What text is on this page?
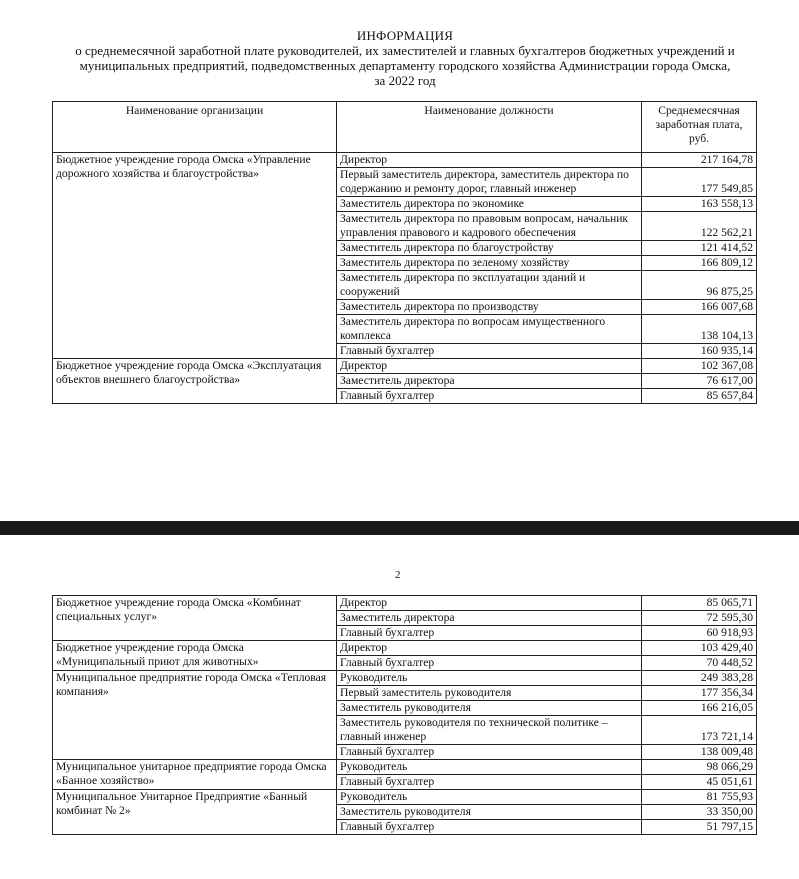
ИНФОРМАЦИЯ
о среднемесячной заработной плате руководителей, их заместителей и главных бухгалтеров бюджетных учреждений и
муниципальных предприятий, подведомственных департаменту городского хозяйства Администрации города Омска,
за 2022 год
Наименование организации	Наименование должности	Среднемесячная заработная плата, руб.
Бюджетное учреждение города Омска «Управление дорожного хозяйства и благоустройства»	Директор	217 164,78
	Первый заместитель директора, заместитель директора по содержанию и ремонту дорог, главный инженер	177 549,85
	Заместитель директора по экономике	163 558,13
	Заместитель директора по правовым вопросам, начальник управления правового и кадрового обеспечения	122 562,21
	Заместитель директора по благоустройству	121 414,52
	Заместитель директора по зеленому хозяйству	166 809,12
	Заместитель директора по эксплуатации зданий и сооружений	96 875,25
	Заместитель директора по производству	166 007,68
	Заместитель директора по вопросам имущественного комплекса	138 104,13
	Главный бухгалтер	160 935,14
Бюджетное учреждение города Омска «Эксплуатация объектов внешнего благоустройства»	Директор	102 367,08
	Заместитель директора	76 617,00
	Главный бухгалтер	85 657,84
2
Бюджетное учреждение города Омска «Комбинат специальных услуг»	Директор	85 065,71
	Заместитель директора	72 595,30
	Главный бухгалтер	60 918,93
Бюджетное учреждение города Омска «Муниципальный приют для животных»	Директор	103 429,40
	Главный бухгалтер	70 448,52
Муниципальное предприятие города Омска «Тепловая компания»	Руководитель	249 383,28
	Первый заместитель руководителя	177 356,34
	Заместитель руководителя	166 216,05
	Заместитель руководителя по технической политике – главный инженер	173 721,14
	Главный бухгалтер	138 009,48
Муниципальное унитарное предприятие города Омска «Банное хозяйство»	Руководитель	98 066,29
	Главный бухгалтер	45 051,61
Муниципальное Унитарное Предприятие «Банный комбинат № 2»	Руководитель	81 755,93
	Заместитель руководителя	33 350,00
	Главный бухгалтер	51 797,15
